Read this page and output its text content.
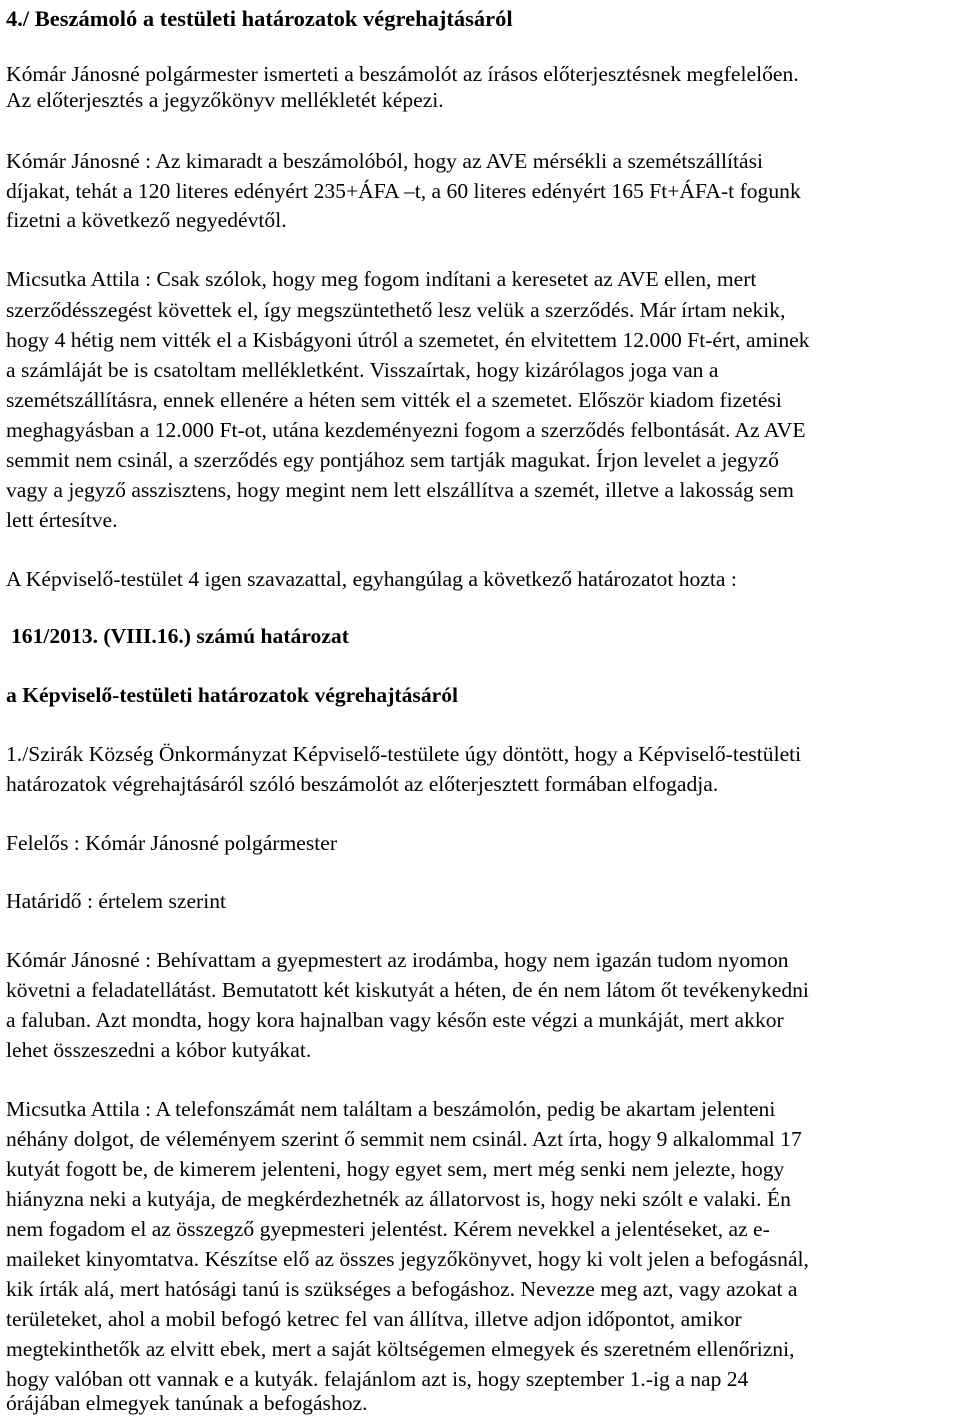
4./ Beszámoló a testületi határozatok végrehajtásáról
Kómár Jánosné polgármester ismerteti a beszámolót az írásos előterjesztésnek megfelelően.
Az előterjesztés a jegyzőkönyv mellékletét képezi.
Kómár Jánosné : Az kimaradt a beszámolóból, hogy az AVE mérsékli a szemétszállítási
díjakat, tehát a 120 literes edényért 235+ÁFA –t, a 60 literes edényért 165 Ft+ÁFA-t fogunk
fizetni a következő negyedévtől.
Micsutka Attila : Csak szólok, hogy meg fogom indítani a keresetet az AVE ellen, mert
szerződésszegést követtek el, így megszüntethető lesz velük a szerződés. Már írtam nekik,
hogy 4 hétig nem vitték el a Kisbágyoni útról a szemetet, én elvitettem 12.000 Ft-ért, aminek
a számláját be is csatoltam mellékletként. Visszaírtak, hogy kizárólagos joga van a
szemétszállításra, ennek ellenére a héten sem vitték el a szemetet. Először kiadom fizetési
meghagyásban a 12.000 Ft-ot, utána kezdeményezni fogom a szerződés felbontását. Az AVE
semmit nem csinál, a szerződés egy pontjához sem tartják magukat. Írjon levelet a jegyző
vagy a jegyző asszisztens, hogy megint nem lett elszállítva a szemét, illetve a lakosság sem
lett értesítve.
A Képviselő-testület 4 igen szavazattal, egyhangúlag a következő határozatot hozta :
161/2013. (VIII.16.) számú határozat
a Képviselő-testületi határozatok végrehajtásáról
1./Szirák Község Önkormányzat Képviselő-testülete úgy döntött, hogy a Képviselő-testületi
határozatok végrehajtásáról szóló beszámolót az előterjesztett formában elfogadja.
Felelős : Kómár Jánosné polgármester
Határidő : értelem szerint
Kómár Jánosné : Behívattam a gyepmestert az irodámba, hogy nem igazán tudom nyomon
követni a feladatellátást. Bemutatott két kiskutyát a héten, de én nem látom őt tevékenykedni
a faluban. Azt mondta, hogy kora hajnalban vagy későn este végzi a munkáját, mert akkor
lehet összeszedni a kóbor kutyákat.
Micsutka Attila : A telefonszámát nem találtam a beszámolón, pedig be akartam jelenteni
néhány dolgot, de véleményem szerint ő semmit nem csinál. Azt írta, hogy 9 alkalommal 17
kutyát fogott be, de kimerem jelenteni, hogy egyet sem, mert még senki nem jelezte, hogy
hiányzna neki a kutyája, de megkérdezhetnék az állatorvost is, hogy neki szólt e valaki. Én
nem fogadom el az összegző gyepmesteri jelentést. Kérem nevekkel a jelentéseket, az e-
maileket kinyomtatva. Készítse elő az összes jegyzőkönyvet, hogy ki volt jelen a befogásnál,
kik írták alá, mert hatósági tanú is szükséges a befogáshoz. Nevezze meg azt, vagy azokat a
területeket, ahol a mobil befogó ketrec fel van állítva, illetve adjon időpontot, amikor
megtekinthetők az elvitt ebek, mert a saját költségemen elmegyek és szeretném ellenőrizni,
hogy valóban ott vannak e a kutyák. felajánlom azt is, hogy szeptember 1.-ig a nap 24
órájában elmegyek tanúnak a befogáshoz.
